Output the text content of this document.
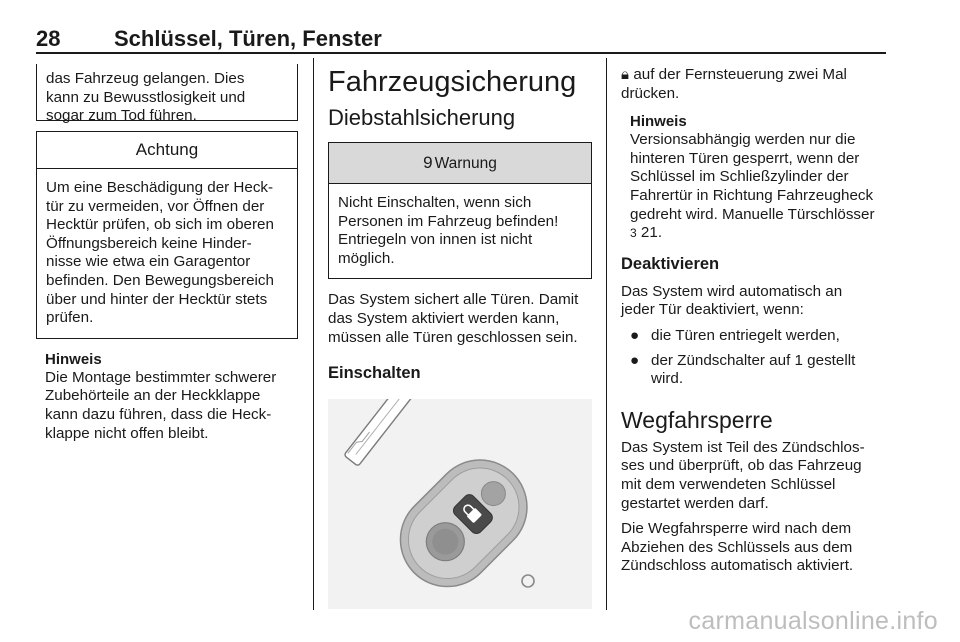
28 Schlüssel, Türen, Fenster

das Fahrzeug gelangen. Dies

kann zu Bewusstlosigkeit und

sogar zum Tod führen.

Achtung

Um eine Beschädigung der Heck-

tür zu vermeiden, vor Öffnen der

Hecktür prüfen, ob sich im oberen

Öffnungsbereich keine Hinder-

nisse wie etwa ein Garagentor

befinden. Den Bewegungsbereich

über und hinter der Hecktür stets

prüfen.

Hinweis

Die Montage bestimmter schwerer

Zubehörteile an der Heckklappe

kann dazu führen, dass die Heck-

klappe nicht offen bleibt.

Fahrzeugsicherung
Diebstahlsicherung
9 Warnung

Nicht Einschalten, wenn sich

Personen im Fahrzeug befinden!

Entriegeln von innen ist nicht

möglich.

Das System sichert alle Türen. Damit

das System aktiviert werden kann,

müssen alle Türen geschlossen sein.

Einschalten

🔒︎ auf der Fernsteuerung zwei Mal

drücken.

Hinweis

Versionsabhängig werden nur die

hinteren Türen gesperrt, wenn der

Schlüssel im Schließzylinder der

Fahrertür in Richtung Fahrzeugheck

gedreht wird. Manuelle Türschlösser

3 21.

Deaktivieren

Das System wird automatisch an

jeder Tür deaktiviert, wenn:

● die Türen entriegelt werden,
● der Zündschalter auf 1 gestellt
wird.
Wegfahrsperre

Das System ist Teil des Zündschlos-

ses und überprüft, ob das Fahrzeug

mit dem verwendeten Schlüssel

gestartet werden darf.

Die Wegfahrsperre wird nach dem

Abziehen des Schlüssels aus dem

Zündschloss automatisch aktiviert.

carmanualsonline.info
